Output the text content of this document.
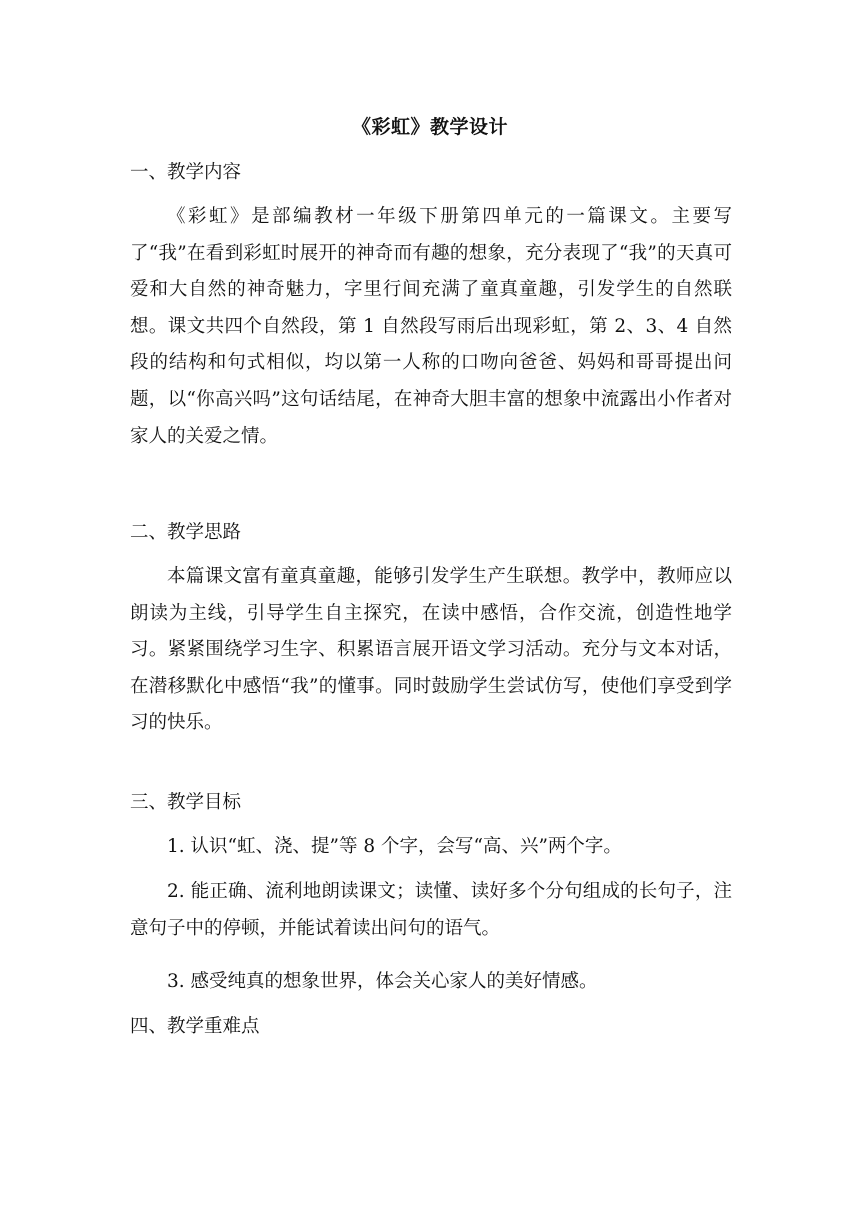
《彩虹》教学设计
一、教学内容

《彩虹》是部编教材一年级下册第四单元的一篇课文。主要写了“我”在看到彩虹时展开的神奇而有趣的想象，充分表现了“我”的天真可爱和大自然的神奇魅力，字里行间充满了童真童趣，引发学生的自然联想。课文共四个自然段，第 1 自然段写雨后出现彩虹，第 2、3、4 自然段的结构和句式相似，均以第一人称的口吻向爸爸、妈妈和哥哥提出问题，以“你高兴吗”这句话结尾，在神奇大胆丰富的想象中流露出小作者对家人的关爱之情。

二、教学思路

本篇课文富有童真童趣，能够引发学生产生联想。教学中，教师应以朗读为主线，引导学生自主探究，在读中感悟，合作交流，创造性地学习。紧紧围绕学习生字、积累语言展开语文学习活动。充分与文本对话，在潜移默化中感悟“我”的懂事。同时鼓励学生尝试仿写，使他们享受到学习的快乐。

三、教学目标
1. 认识“虹、浇、提”等 8 个字，会写“高、兴”两个字。
2. 能正确、流利地朗读课文；读懂、读好多个分句组成的长句子，注意句子中的停顿，并能试着读出问句的语气。
3. 感受纯真的想象世界，体会关心家人的美好情感。
四、教学重难点
